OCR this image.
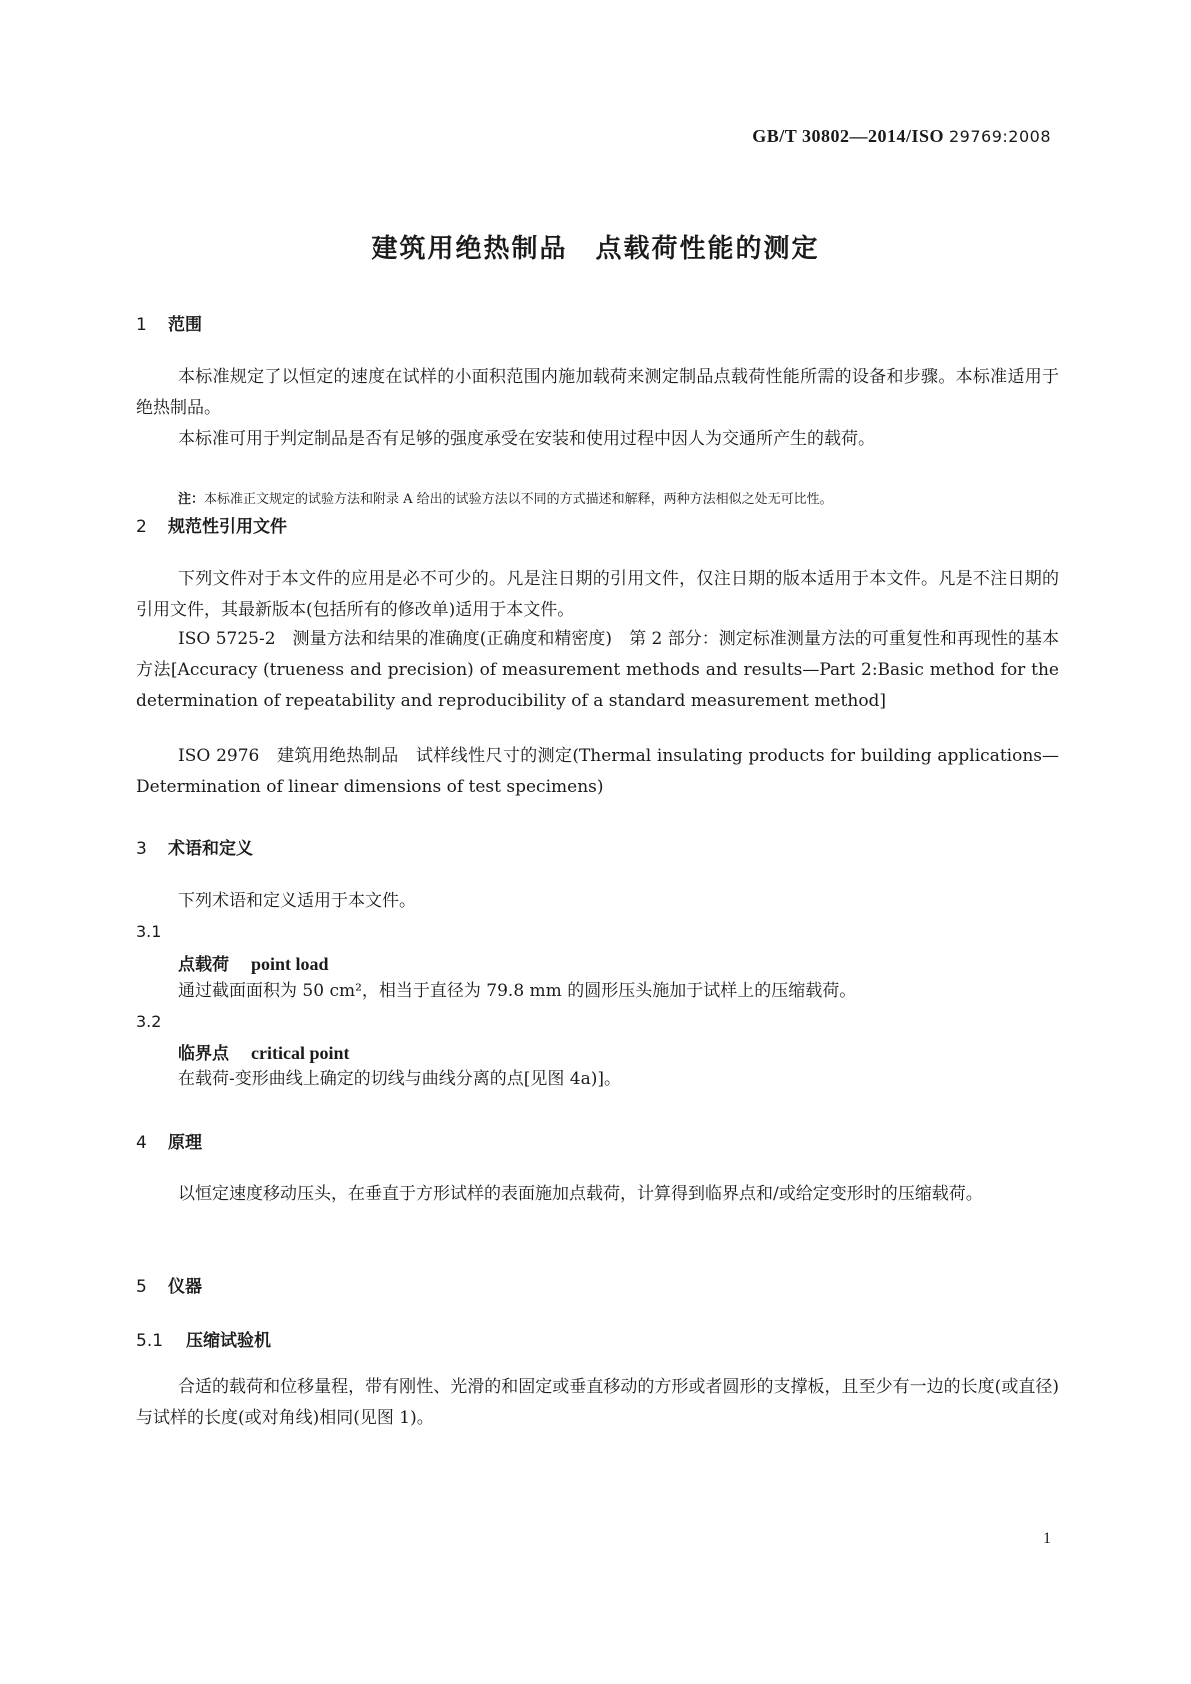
GB/T 30802—2014/ISO 29769:2008
建筑用绝热制品　点载荷性能的测定
1 范围
本标准规定了以恒定的速度在试样的小面积范围内施加载荷来测定制品点载荷性能所需的设备和步骤。本标准适用于绝热制品。
本标准可用于判定制品是否有足够的强度承受在安装和使用过程中因人为交通所产生的载荷。
注：本标准正文规定的试验方法和附录 A 给出的试验方法以不同的方式描述和解释，两种方法相似之处无可比性。
2 规范性引用文件
下列文件对于本文件的应用是必不可少的。凡是注日期的引用文件，仅注日期的版本适用于本文件。凡是不注日期的引用文件，其最新版本(包括所有的修改单)适用于本文件。
ISO 5725-2　测量方法和结果的准确度(正确度和精密度)　第 2 部分：测定标准测量方法的可重复性和再现性的基本方法[Accuracy (trueness and precision) of measurement methods and results—Part 2:Basic method for the determination of repeatability and reproducibility of a standard measurement method]
ISO 2976　建筑用绝热制品　试样线性尺寸的测定(Thermal insulating products for building applications—Determination of linear dimensions of test specimens)
3 术语和定义
下列术语和定义适用于本文件。
3.1
点载荷 point load
通过截面面积为 50 cm²，相当于直径为 79.8 mm 的圆形压头施加于试样上的压缩载荷。
3.2
临界点 critical point
在载荷-变形曲线上确定的切线与曲线分离的点[见图 4a)]。
4 原理
以恒定速度移动压头，在垂直于方形试样的表面施加点载荷，计算得到临界点和/或给定变形时的压缩载荷。
5 仪器
5.1 压缩试验机
合适的载荷和位移量程，带有刚性、光滑的和固定或垂直移动的方形或者圆形的支撑板，且至少有一边的长度(或直径)与试样的长度(或对角线)相同(见图 1)。
1
